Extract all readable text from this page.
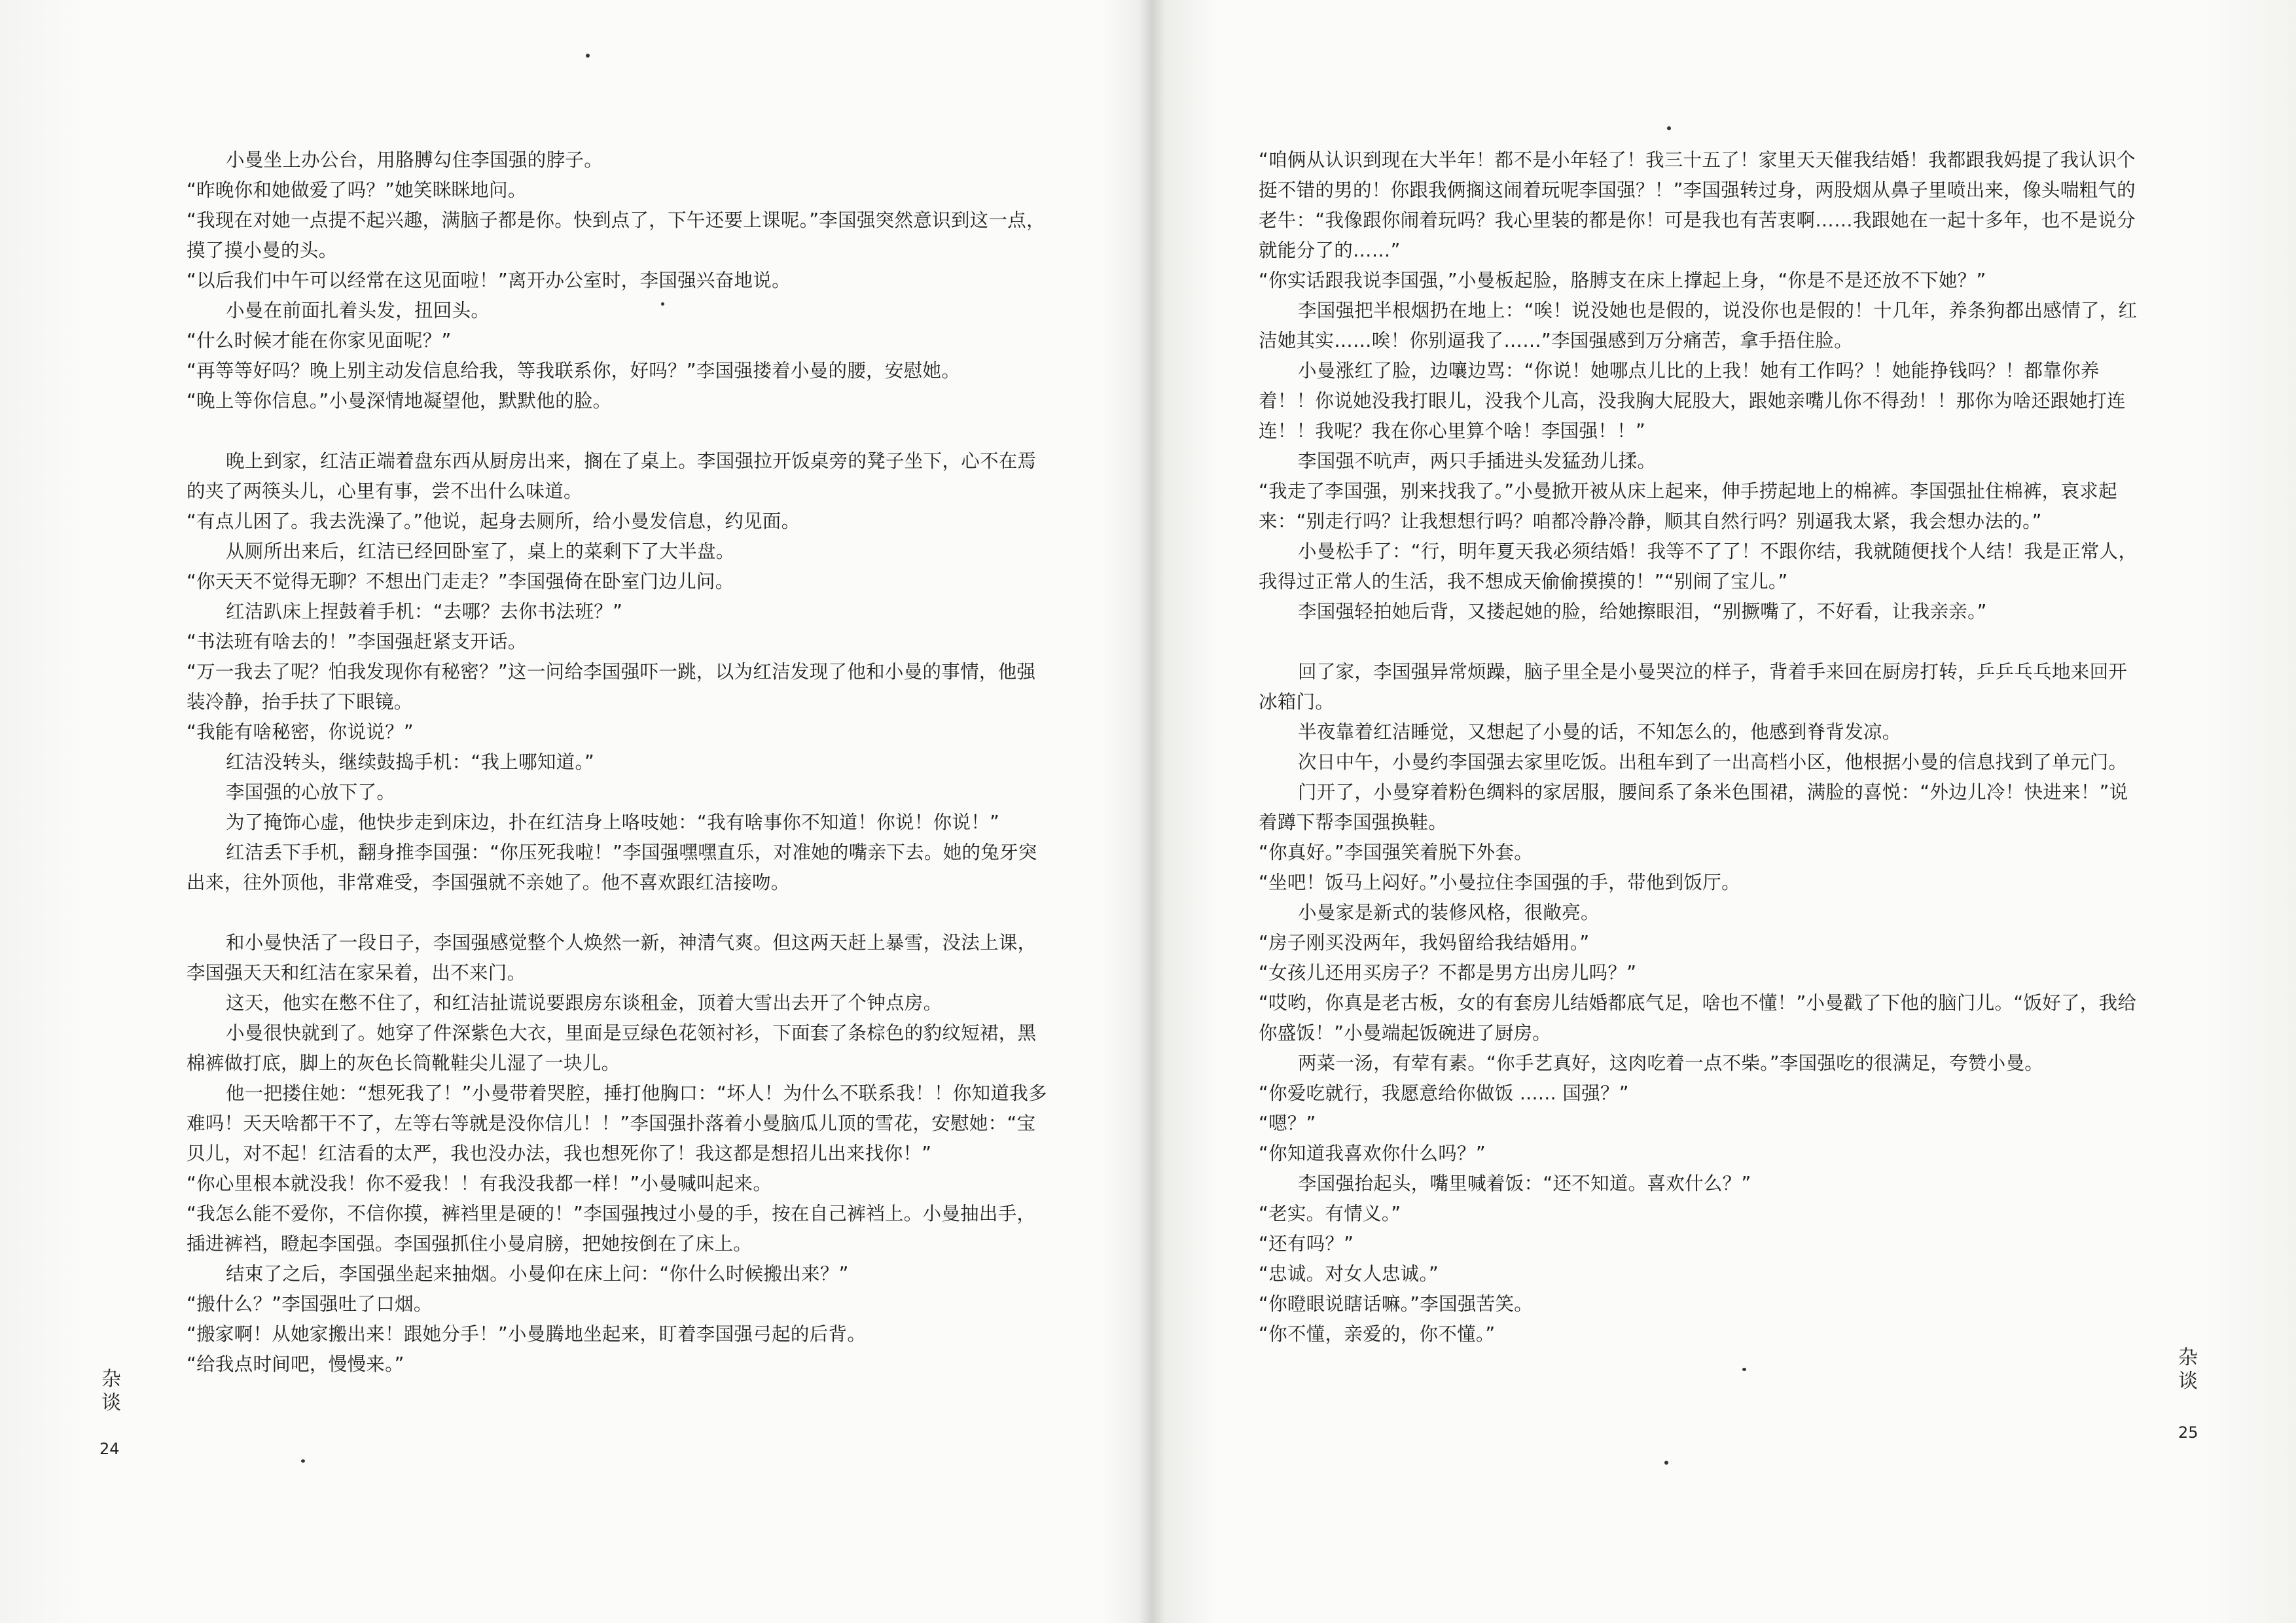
小曼坐上办公台，用胳膊勾住李国强的脖子。

“昨晚你和她做爱了吗？”她笑眯眯地问。

“我现在对她一点提不起兴趣，满脑子都是你。快到点了，下午还要上课呢。”李国强突然意识到这一点，摸了摸小曼的头。

“以后我们中午可以经常在这见面啦！”离开办公室时，李国强兴奋地说。

小曼在前面扎着头发，扭回头。

“什么时候才能在你家见面呢？”

“再等等好吗？晚上别主动发信息给我，等我联系你，好吗？”李国强搂着小曼的腰，安慰她。

“晚上等你信息。”小曼深情地凝望他，默默他的脸。

晚上到家，红洁正端着盘东西从厨房出来，搁在了桌上。李国强拉开饭桌旁的凳子坐下，心不在焉的夹了两筷头儿，心里有事，尝不出什么味道。

“有点儿困了。我去洗澡了。”他说，起身去厕所，给小曼发信息，约见面。

从厕所出来后，红洁已经回卧室了，桌上的菜剩下了大半盘。

“你天天不觉得无聊？不想出门走走？”李国强倚在卧室门边儿问。

红洁趴床上捏鼓着手机：“去哪？去你书法班？”

“书法班有啥去的！”李国强赶紧支开话。

“万一我去了呢？怕我发现你有秘密？”这一问给李国强吓一跳，以为红洁发现了他和小曼的事情，他强装冷静，抬手扶了下眼镜。

“我能有啥秘密，你说说？”

红洁没转头，继续鼓捣手机：“我上哪知道。”

李国强的心放下了。

为了掩饰心虚，他快步走到床边，扑在红洁身上咯吱她：“我有啥事你不知道！你说！你说！”

红洁丢下手机，翻身推李国强：“你压死我啦！”李国强嘿嘿直乐，对准她的嘴亲下去。她的兔牙突出来，往外顶他，非常难受，李国强就不亲她了。他不喜欢跟红洁接吻。

和小曼快活了一段日子，李国强感觉整个人焕然一新，神清气爽。但这两天赶上暴雪，没法上课，李国强天天和红洁在家呆着，出不来门。

这天，他实在憋不住了，和红洁扯谎说要跟房东谈租金，顶着大雪出去开了个钟点房。

小曼很快就到了。她穿了件深紫色大衣，里面是豆绿色花领衬衫，下面套了条棕色的豹纹短裙，黑棉裤做打底，脚上的灰色长筒靴鞋尖儿湿了一块儿。

他一把搂住她：“想死我了！”小曼带着哭腔，捶打他胸口：“坏人！为什么不联系我！！你知道我多难吗！天天啥都干不了，左等右等就是没你信儿！！”李国强扑落着小曼脑瓜儿顶的雪花，安慰她：“宝贝儿，对不起！红洁看的太严，我也没办法，我也想死你了！我这都是想招儿出来找你！”

“你心里根本就没我！你不爱我！！有我没我都一样！”小曼喊叫起来。

“我怎么能不爱你，不信你摸，裤裆里是硬的！”李国强拽过小曼的手，按在自己裤裆上。小曼抽出手，插进裤裆，瞪起李国强。李国强抓住小曼肩膀，把她按倒在了床上。

结束了之后，李国强坐起来抽烟。小曼仰在床上问：“你什么时候搬出来？”

“搬什么？”李国强吐了口烟。

“搬家啊！从她家搬出来！跟她分手！”小曼腾地坐起来，盯着李国强弓起的后背。

“给我点时间吧，慢慢来。”

杂谈
24

“咱俩从认识到现在大半年！都不是小年轻了！我三十五了！家里天天催我结婚！我都跟我妈提了我认识个挺不错的男的！你跟我俩搁这闹着玩呢李国强？！”李国强转过身，两股烟从鼻子里喷出来，像头喘粗气的老牛：“我像跟你闹着玩吗？我心里装的都是你！可是我也有苦衷啊……我跟她在一起十多年，也不是说分就能分了的……”

“你实话跟我说李国强，”小曼板起脸，胳膊支在床上撑起上身，“你是不是还放不下她？”

李国强把半根烟扔在地上：“唉！说没她也是假的，说没你也是假的！十几年，养条狗都出感情了，红洁她其实……唉！你别逼我了……”李国强感到万分痛苦，拿手捂住脸。

小曼涨红了脸，边嚷边骂：“你说！她哪点儿比的上我！她有工作吗？！她能挣钱吗？！都靠你养着！！你说她没我打眼儿，没我个儿高，没我胸大屁股大，跟她亲嘴儿你不得劲！！那你为啥还跟她打连连！！我呢？我在你心里算个啥！李国强！！”

李国强不吭声，两只手插进头发猛劲儿揉。

“我走了李国强，别来找我了。”小曼掀开被从床上起来，伸手捞起地上的棉裤。李国强扯住棉裤，哀求起来：“别走行吗？让我想想行吗？咱都冷静冷静，顺其自然行吗？别逼我太紧，我会想办法的。”

小曼松手了：“行，明年夏天我必须结婚！我等不了了！不跟你结，我就随便找个人结！我是正常人，我得过正常人的生活，我不想成天偷偷摸摸的！”“别闹了宝儿。”

李国强轻拍她后背，又搂起她的脸，给她擦眼泪，“别撅嘴了，不好看，让我亲亲。”

回了家，李国强异常烦躁，脑子里全是小曼哭泣的样子，背着手来回在厨房打转，乒乒乓乓地来回开冰箱门。

半夜靠着红洁睡觉，又想起了小曼的话，不知怎么的，他感到脊背发凉。

次日中午，小曼约李国强去家里吃饭。出租车到了一出高档小区，他根据小曼的信息找到了单元门。

门开了，小曼穿着粉色绸料的家居服，腰间系了条米色围裙，满脸的喜悦：“外边儿冷！快进来！”说着蹲下帮李国强换鞋。

“你真好。”李国强笑着脱下外套。

“坐吧！饭马上闷好。”小曼拉住李国强的手，带他到饭厅。

小曼家是新式的装修风格，很敞亮。

“房子刚买没两年，我妈留给我结婚用。”

“女孩儿还用买房子？不都是男方出房儿吗？”

“哎哟，你真是老古板，女的有套房儿结婚都底气足，啥也不懂！”小曼戳了下他的脑门儿。“饭好了，我给你盛饭！”小曼端起饭碗进了厨房。

两菜一汤，有荤有素。“你手艺真好，这肉吃着一点不柴。”李国强吃的很满足，夸赞小曼。

“你爱吃就行，我愿意给你做饭 ...... 国强？”

“嗯？”

“你知道我喜欢你什么吗？”

李国强抬起头，嘴里喊着饭：“还不知道。喜欢什么？”

“老实。有情义。”

“还有吗？”

“忠诚。对女人忠诚。”

“你瞪眼说瞎话嘛。”李国强苦笑。

“你不懂，亲爱的，你不懂。”

杂谈
25
